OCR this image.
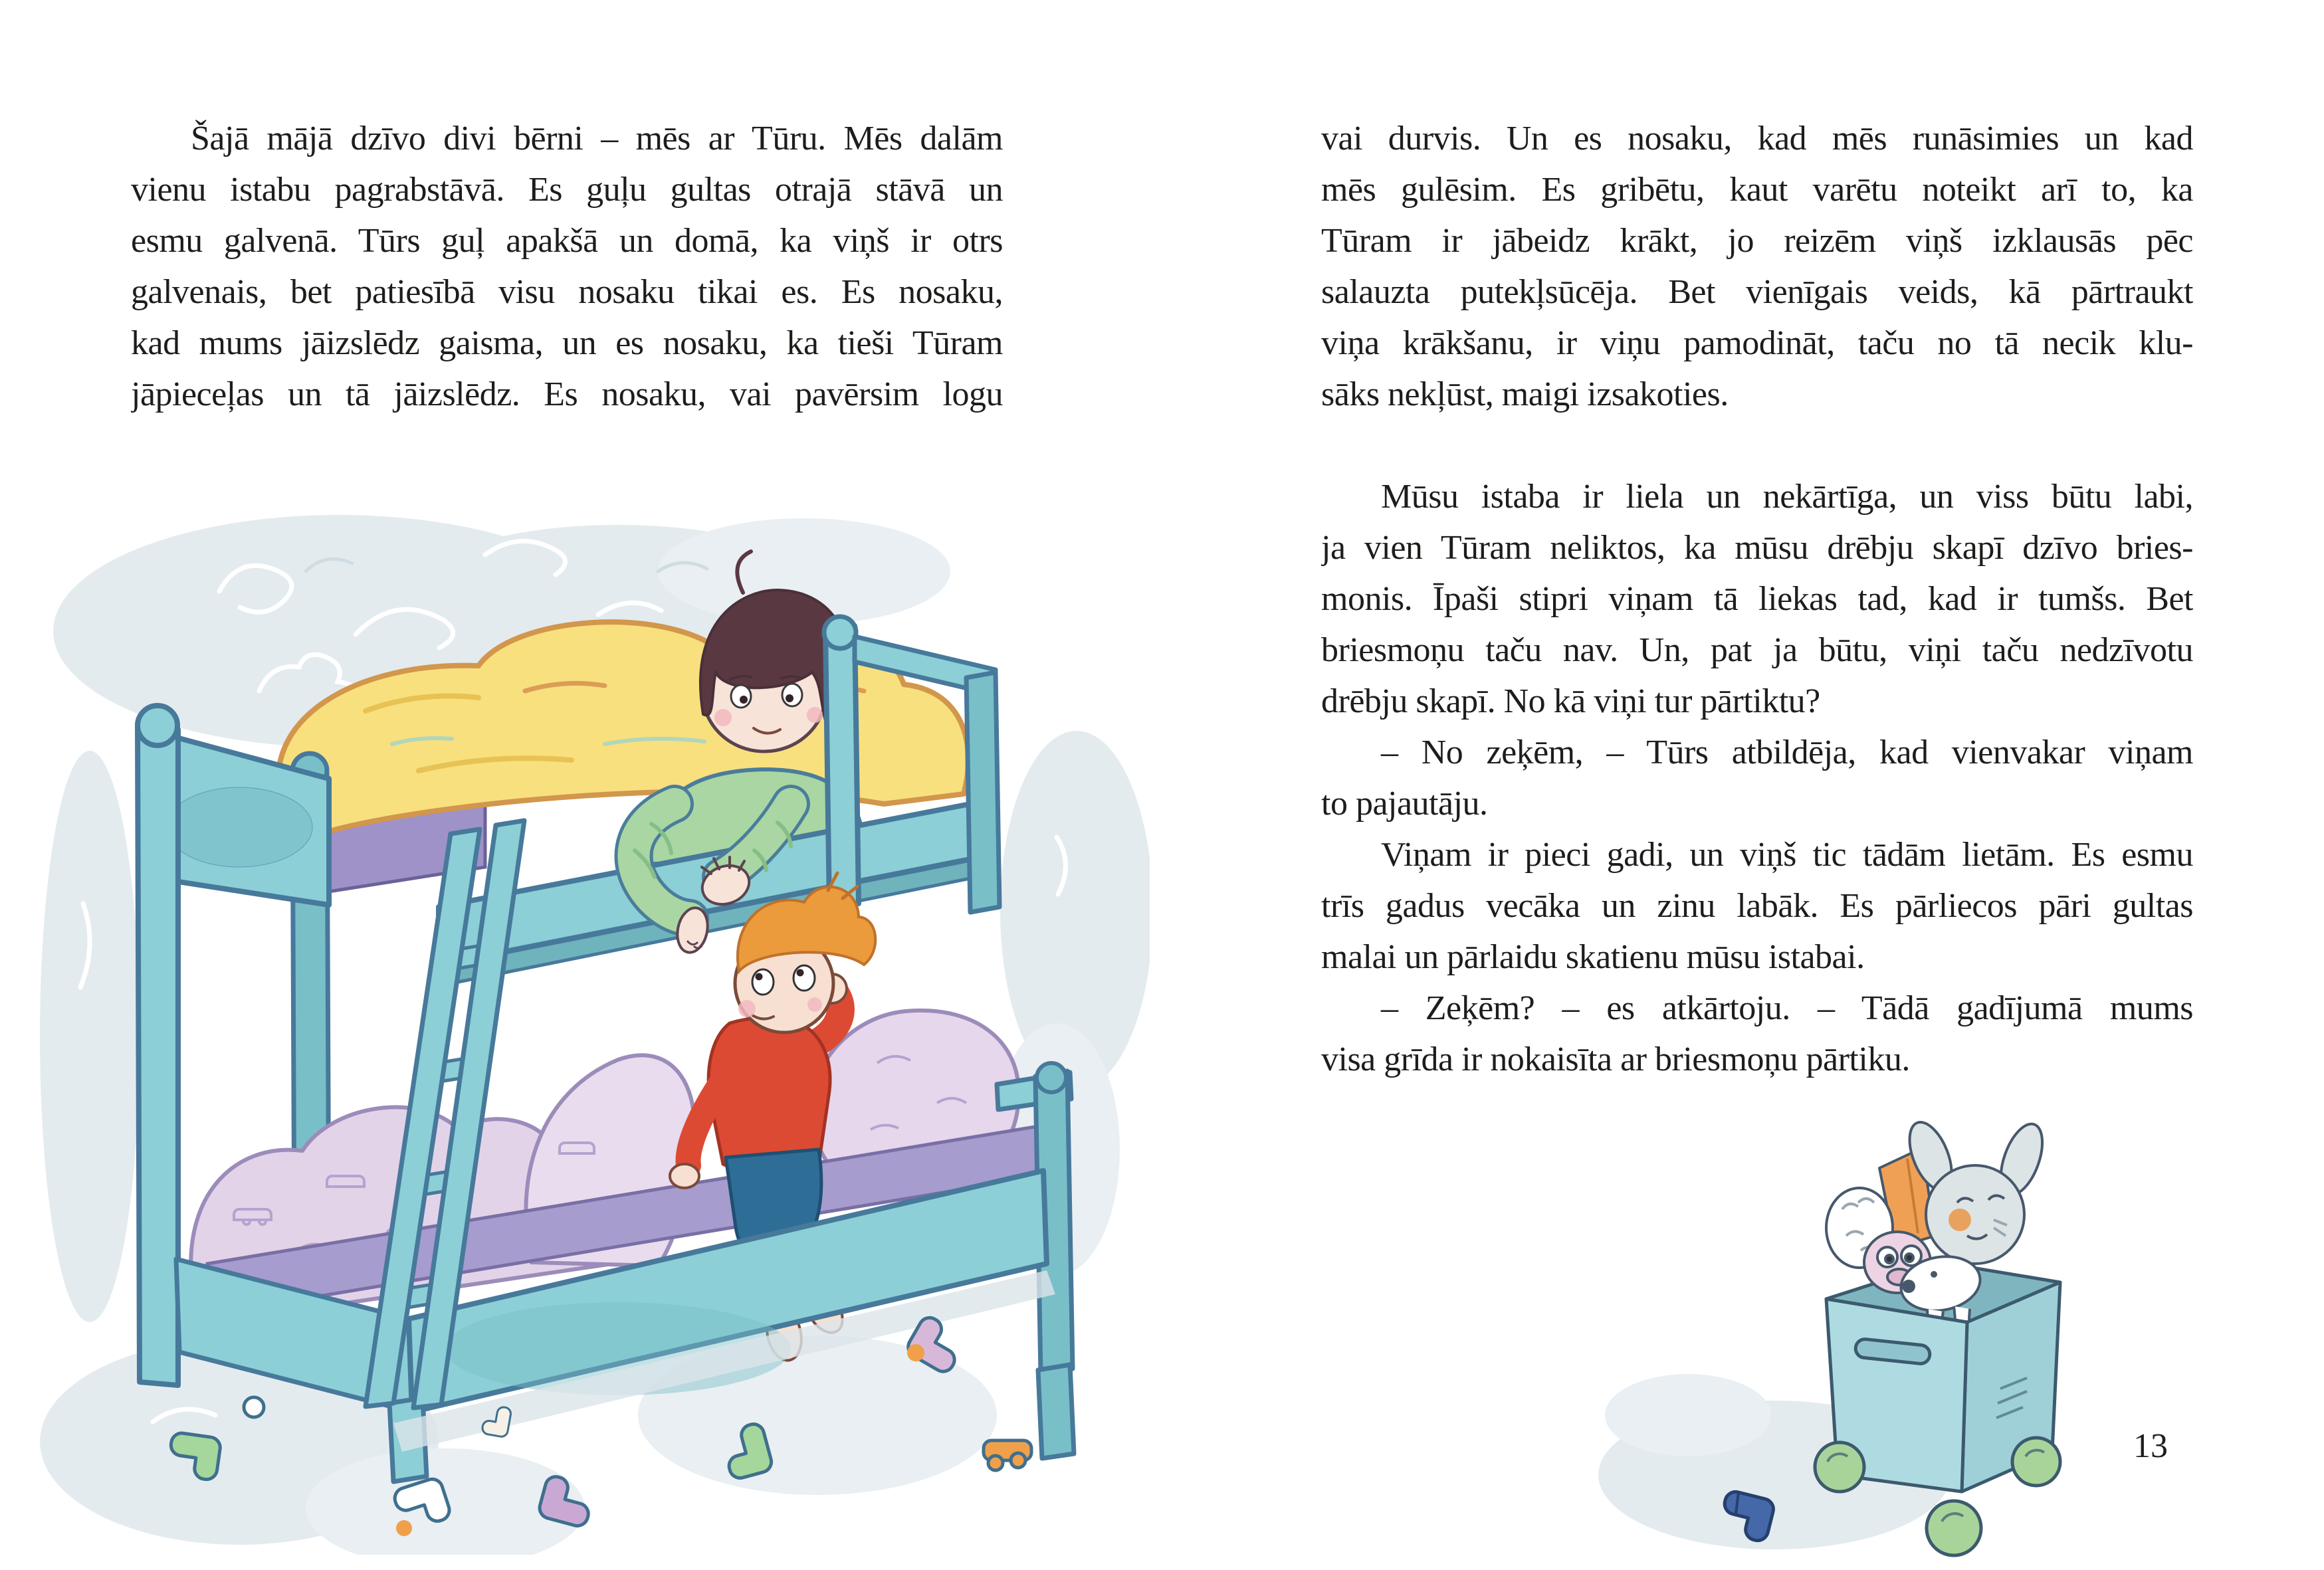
Šajā mājā dzīvo divi bērni – mēs ar Tūru. Mēs dalām
vienu istabu pagrabstāvā. Es guļu gultas otrajā stāvā un
esmu galvenā. Tūrs guļ apakšā un domā, ka viņš ir otrs
galvenais, bet patiesībā visu nosaku tikai es. Es nosaku,
kad mums jāizslēdz gaisma, un es nosaku, ka tieši Tūram
jāpieceļas un tā jāizslēdz. Es nosaku, vai pavērsim logu
vai durvis. Un es nosaku, kad mēs runāsimies un kad
mēs gulēsim. Es gribētu, kaut varētu noteikt arī to, ka
Tūram ir jābeidz krākt, jo reizēm viņš izklausās pēc
salauzta putekļsūcēja. Bet vienīgais veids, kā pārtraukt
viņa krākšanu, ir viņu pamodināt, taču no tā necik klu-
sāks nekļūst, maigi izsakoties.
Mūsu istaba ir liela un nekārtīga, un viss būtu labi,
ja vien Tūram neliktos, ka mūsu drēbju skapī dzīvo bries-
monis. Īpaši stipri viņam tā liekas tad, kad ir tumšs. Bet
briesmoņu taču nav. Un, pat ja būtu, viņi taču nedzīvotu
drēbju skapī. No kā viņi tur pārtiktu?
– No zeķēm, – Tūrs atbildēja, kad vienvakar viņam
to pajautāju.
Viņam ir pieci gadi, un viņš tic tādām lietām. Es esmu
trīs gadus vecāka un zinu labāk. Es pārliecos pāri gultas
malai un pārlaidu skatienu mūsu istabai.
– Zeķēm? – es atkārtoju. – Tādā gadījumā mums
visa grīda ir nokaisīta ar briesmoņu pārtiku.
13
